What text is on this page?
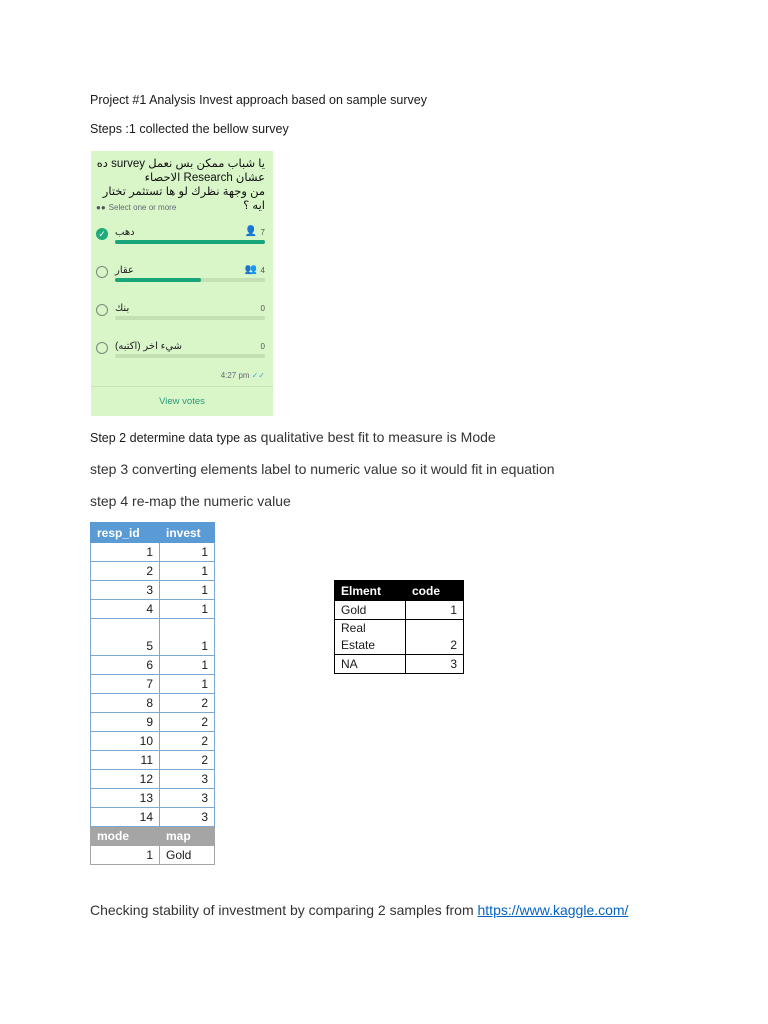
Project #1 Analysis Invest approach based on sample survey
Steps :1 collected the bellow survey
يا شباب ممكن بس نعمل survey ده
عشان Research الاحصاء
من وجهة نظرك لو ها تستثمر تختار ايه ؟
●● Select one or more
✓ دهب	👤 7
عقار	👥 4
بنك	0
شيء اخر (اكتبه)	0
4:27 pm ✓✓
View votes
Step 2 determine data type as qualitative best fit to measure is Mode
step 3 converting elements label to numeric value so it would fit in equation
step 4 re-map the numeric value
resp_id	invest
1	1
2	1
3	1
4	1
5	1
6	1
7	1
8	2
9	2
10	2
11	2
12	3
13	3
14	3
mode	map
1	Gold
Elment	code
Gold	1
Real
Estate	2
NA	3
Checking stability of investment by comparing 2 samples from https://www.kaggle.com/
